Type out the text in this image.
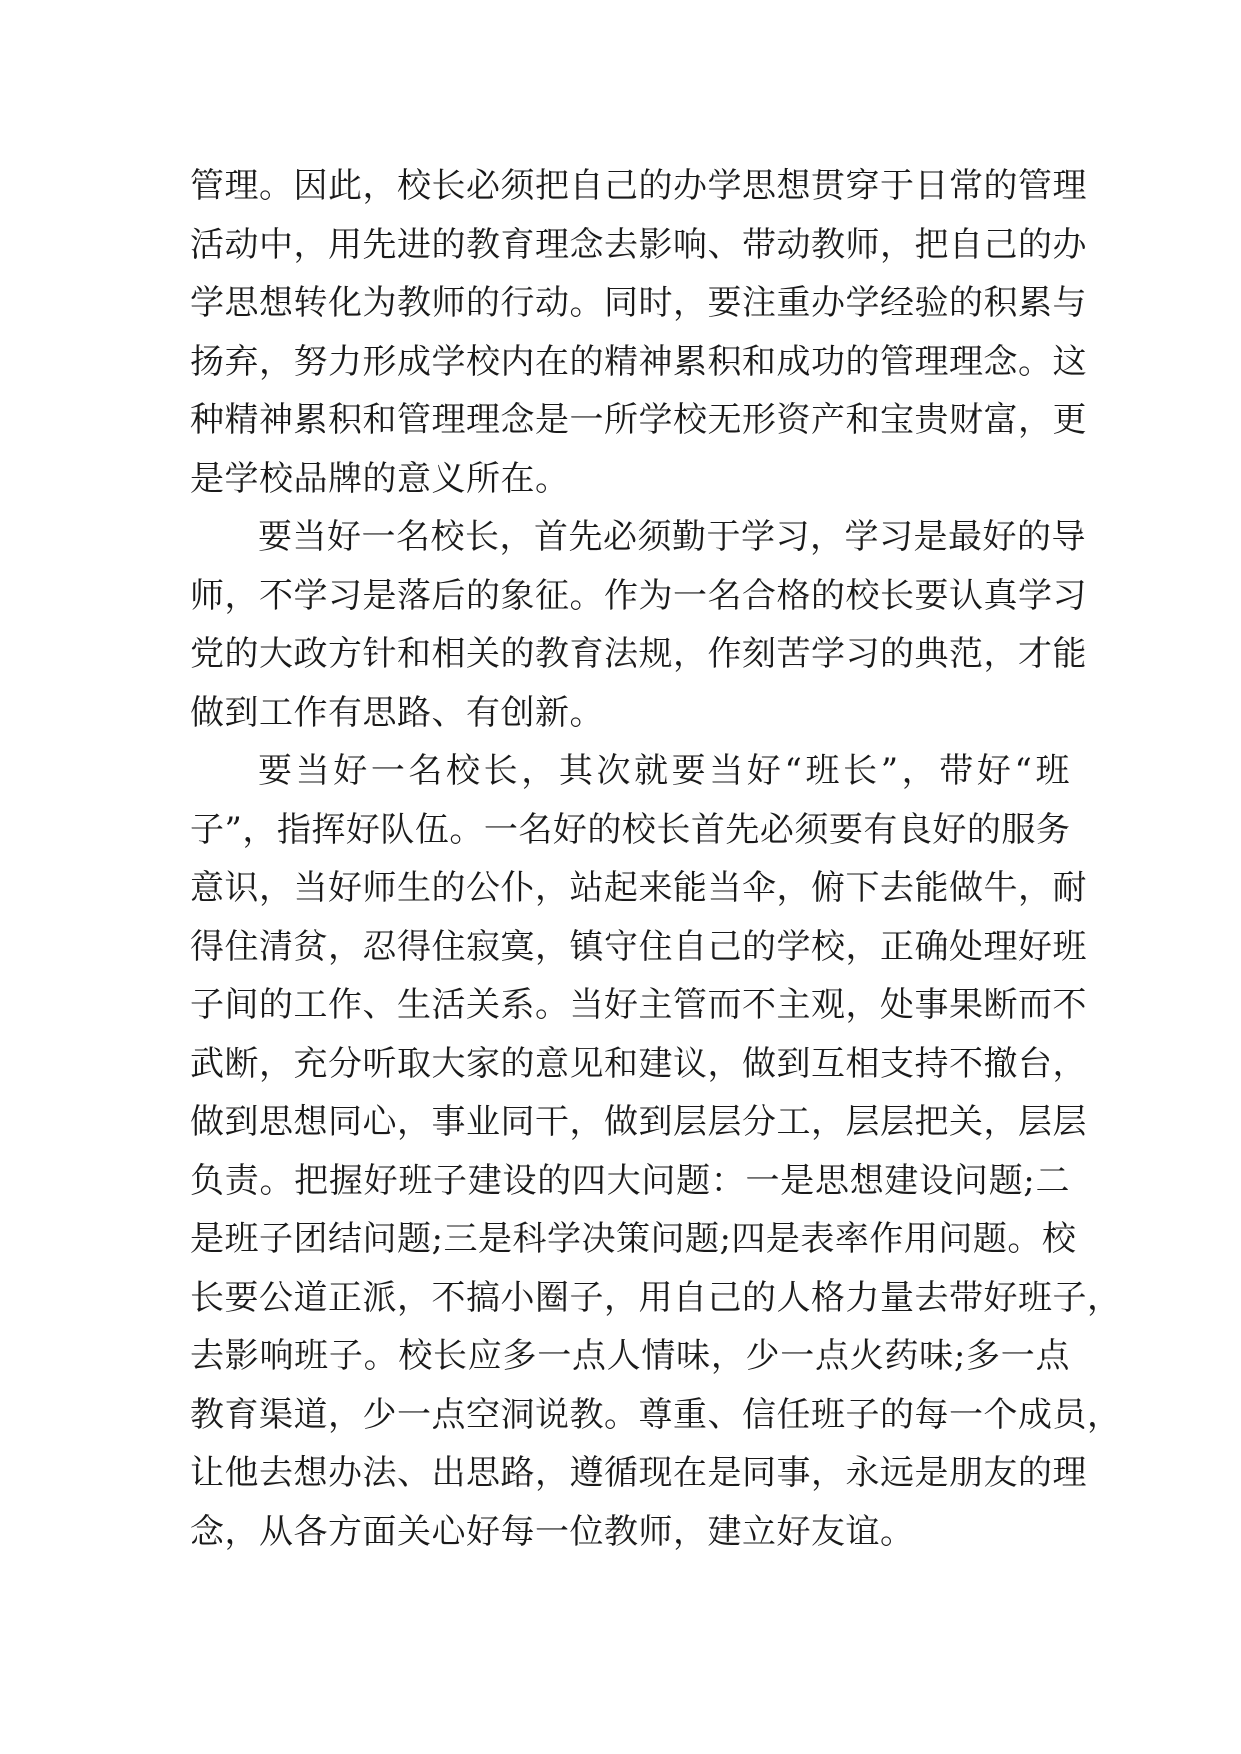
管理。因此，校长必须把自己的办学思想贯穿于日常的管理
活动中，用先进的教育理念去影响、带动教师，把自己的办
学思想转化为教师的行动。同时，要注重办学经验的积累与
扬弃，努力形成学校内在的精神累积和成功的管理理念。这
种精神累积和管理理念是一所学校无形资产和宝贵财富，更
是学校品牌的意义所在。
要当好一名校长，首先必须勤于学习，学习是最好的导
师，不学习是落后的象征。作为一名合格的校长要认真学习
党的大政方针和相关的教育法规，作刻苦学习的典范，才能
做到工作有思路、有创新。
要当好一名校长，其次就要当好“班长”，带好“班
子”，指挥好队伍。一名好的校长首先必须要有良好的服务
意识，当好师生的公仆，站起来能当伞，俯下去能做牛，耐
得住清贫，忍得住寂寞，镇守住自己的学校，正确处理好班
子间的工作、生活关系。当好主管而不主观，处事果断而不
武断，充分听取大家的意见和建议，做到互相支持不撤台，
做到思想同心，事业同干，做到层层分工，层层把关，层层
负责。把握好班子建设的四大问题：一是思想建设问题;二
是班子团结问题;三是科学决策问题;四是表率作用问题。校
长要公道正派，不搞小圈子，用自己的人格力量去带好班子，
去影响班子。校长应多一点人情味，少一点火药味;多一点
教育渠道，少一点空洞说教。尊重、信任班子的每一个成员，
让他去想办法、出思路，遵循现在是同事，永远是朋友的理
念，从各方面关心好每一位教师，建立好友谊。
